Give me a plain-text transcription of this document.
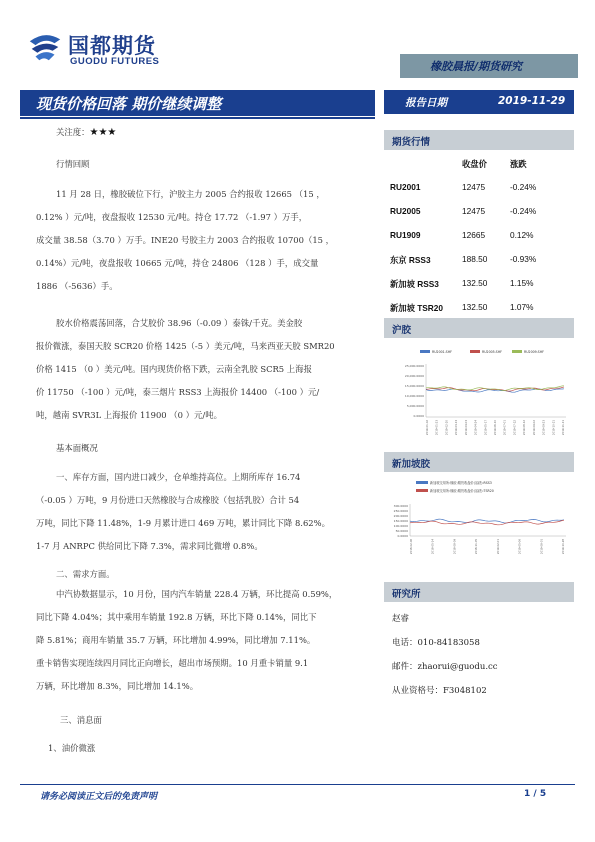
国都期货
GUODU FUTURES	橡胶晨报/期货研究
现货价格回落 期价继续调整	报告日期	2019-11-29
关注度：★★★
行情回顾
11 月 28 日，橡胶破位下行，沪胶主力 2005 合约报收 12665 （15 ，
0.12% ）元/吨，夜盘报收 12530 元/吨。持仓 17.72 （-1.97 ）万手，
成交量 38.58（3.70 ）万手。INE20 号胶主力 2003 合约报收 10700（15 ，
0.14%）元/吨，夜盘报收 10665 元/吨，持仓 24806 （128 ）手，成交量
1886 （-5636）手。
胶水价格震荡回落，合艾胶价 38.96（-0.09 ）泰铢/千克。美金胶
报价微涨，泰国天胶 SCR20 价格 1425（-5 ）美元/吨，马来西亚天胶 SMR20
价格 1415 （0 ）美元/吨。国内现货价格下跌，云南全乳胶 SCR5 上海报
价 11750 （-100 ）元/吨，泰三烟片 RSS3 上海报价 14400 （-100 ）元/
吨，越南 SVR3L 上海报价 11900 （0 ）元/吨。
基本面概况
一、库存方面，国内进口减少，仓单维持高位。上期所库存 16.74
（-0.05 ）万吨，9 月份进口天然橡胶与合成橡胶（包括乳胶）合计 54
万吨，同比下降 11.48%，1-9 月累计进口 469 万吨，累计同比下降 8.62%。
1-7 月 ANRPC 供给同比下降 7.3%，需求同比微增 0.8%。
二、需求方面。
中汽协数据显示，10 月份，国内汽车销量 228.4 万辆，环比提高 0.59%，
同比下降 4.04%；其中乘用车销量 192.8 万辆，环比下降 0.14%，同比下
降 5.81%；商用车销量 35.7 万辆，环比增加 4.99%，同比增加 7.11%。
重卡销售实现连续四月同比正向增长，超出市场预期。10 月重卡销量 9.1
万辆，环比增加 8.3%，同比增加 14.1%。
三、消息面
1、油价微涨
期货行情
收盘价	涨跌
RU2001	12475	-0.24%
RU2005	12475	-0.24%
RU1909	12665	0.12%
东京 RSS3	188.50	-0.93%
新加坡 RSS3	132.50	1.15%
新加坡 TSR20 132.50	1.07%
沪胶
RU2001.SHF	RU2005.SHF	RU2009.SHF
25,000.0000
20,000.0000
15,000.0000
10,000.0000
5,000.0000
0.0000
2019-01-02	2019-01-23	2019-02-20	2019-03-13	2019-04-03	2019-04-24	2019-05-17	2019-06-10	2019-07-01	2019-07-22	2019-08-12	2019-09-02	2019-09-23	2019-10-21	2019-11-11
新加坡胶
新加坡交易所:橡胶:期货收盘价(活跃):RSS3
新加坡交易所:橡胶:期货收盘价(活跃):TSR20
300.0000
250.0000
200.0000
150.0000
100.0000
50.0000
0.0000
2018-02-06	2018-05-14	2018-08-09	2018-11-05	2019-02-01	2019-05-06	2019-08-01	2019-10-28
研究所
赵睿
电话：010-84183058
邮件：zhaorui@guodu.cc
从业资格号：F3048102
请务必阅读正文后的免责声明	1 / 5
